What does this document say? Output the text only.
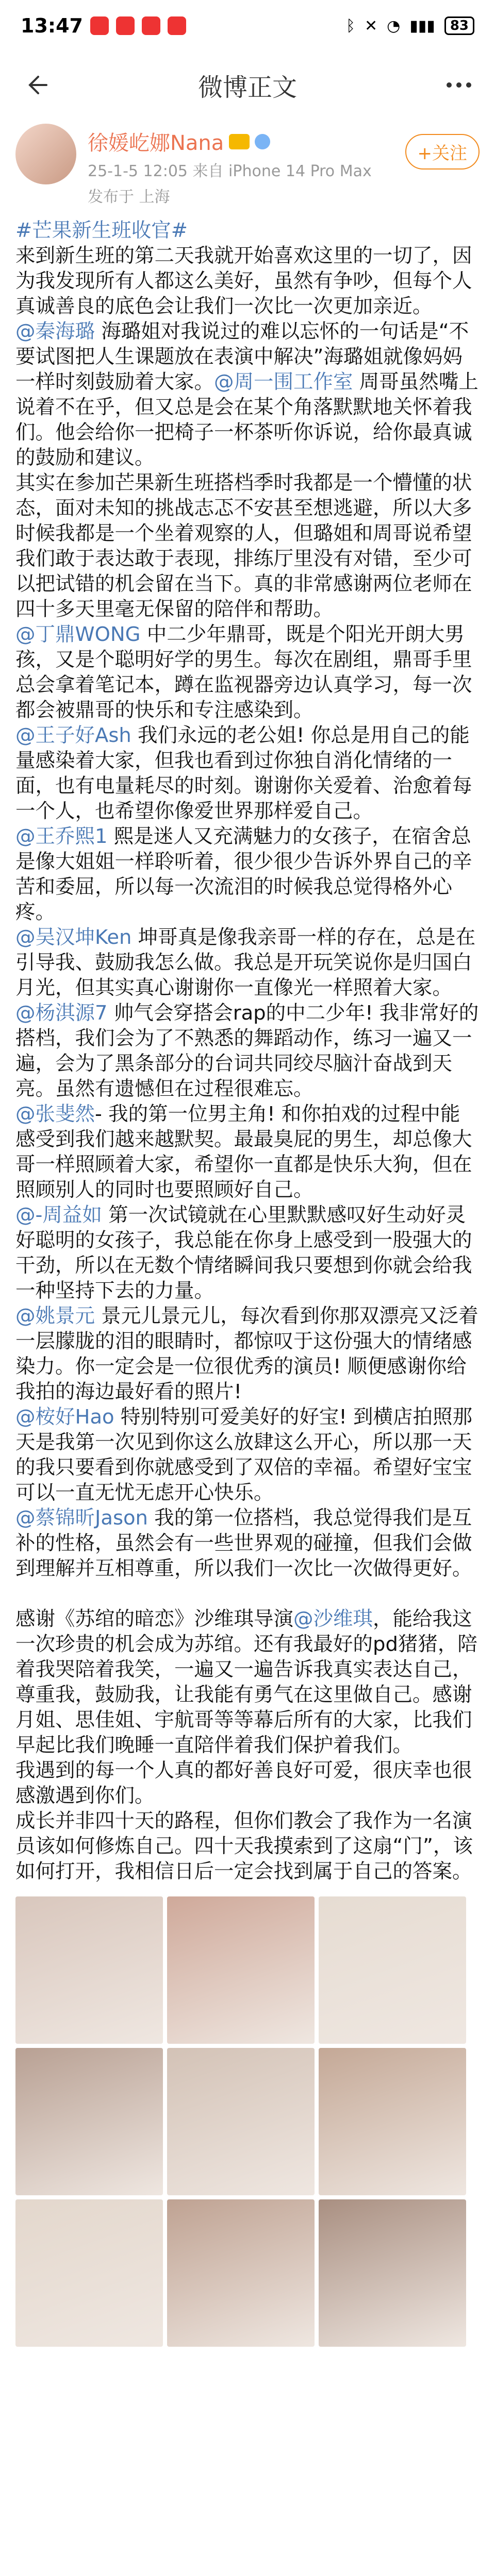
13:47	ᛒ ✕ ◔ ▮▮▮	83
微博正文
徐媛屹娜Nana
25-1-5 12:05 来自 iPhone 14 Pro Max
发布于 上海
+关注

#芒果新生班收官#

来到新生班的第二天我就开始喜欢这里的一切了，因为我发现所有人都这么美好，虽然有争吵，但每个人真诚善良的底色会让我们一次比一次更加亲近。

@秦海璐 海璐姐对我说过的难以忘怀的一句话是“不要试图把人生课题放在表演中解决”海璐姐就像妈妈一样时刻鼓励着大家。@周一围工作室 周哥虽然嘴上说着不在乎，但又总是会在某个角落默默地关怀着我们。他会给你一把椅子一杯茶听你诉说，给你最真诚的鼓励和建议。

其实在参加芒果新生班搭档季时我都是一个懵懂的状态，面对未知的挑战志忑不安甚至想逃避，所以大多时候我都是一个坐着观察的人，但璐姐和周哥说希望我们敢于表达敢于表现，排练厅里没有对错，至少可以把试错的机会留在当下。真的非常感谢两位老师在四十多天里毫无保留的陪伴和帮助。

@丁鼎WONG 中二少年鼎哥，既是个阳光开朗大男孩，又是个聪明好学的男生。每次在剧组，鼎哥手里总会拿着笔记本，蹲在监视器旁边认真学习，每一次都会被鼎哥的快乐和专注感染到。

@王子好Ash 我们永远的老公姐! 你总是用自己的能量感染着大家，但我也看到过你独自消化情绪的一面，也有电量耗尽的时刻。谢谢你关爱着、治愈着每一个人，也希望你像爱世界那样爱自己。

@王乔熙1 熙是迷人又充满魅力的女孩子，在宿舍总是像大姐姐一样聆听着，很少很少告诉外界自己的辛苦和委屈，所以每一次流泪的时候我总觉得格外心疼。

@吴汉坤Ken 坤哥真是像我亲哥一样的存在，总是在引导我、鼓励我怎么做。我总是开玩笑说你是归国白月光，但其实真心谢谢你一直像光一样照着大家。

@杨淇源7 帅气会穿搭会rap的中二少年! 我非常好的搭档，我们会为了不熟悉的舞蹈动作，练习一遍又一遍，会为了黑条部分的台词共同绞尽脑汁奋战到天亮。虽然有遗憾但在过程很难忘。

@张斐然- 我的第一位男主角! 和你拍戏的过程中能感受到我们越来越默契。最最臭屁的男生，却总像大哥一样照顾着大家，希望你一直都是快乐大狗，但在照顾别人的同时也要照顾好自己。

@-周益如 第一次试镜就在心里默默感叹好生动好灵好聪明的女孩子，我总能在你身上感受到一股强大的干劲，所以在无数个情绪瞬间我只要想到你就会给我一种坚持下去的力量。

@姚景元 景元儿景元儿，每次看到你那双漂亮又泛着一层朦胧的泪的眼睛时，都惊叹于这份强大的情绪感染力。你一定会是一位很优秀的演员! 顺便感谢你给我拍的海边最好看的照片!

@桉好Hao 特别特别可爱美好的好宝! 到横店拍照那天是我第一次见到你这么放肆这么开心，所以那一天的我只要看到你就感受到了双倍的幸福。希望好宝宝可以一直无忧无虑开心快乐。

@蔡锦昕Jason 我的第一位搭档，我总觉得我们是互补的性格，虽然会有一些世界观的碰撞，但我们会做到理解并互相尊重，所以我们一次比一次做得更好。

感谢《苏绾的暗恋》沙维琪导演@沙维琪，能给我这一次珍贵的机会成为苏绾。还有我最好的pd猪猪，陪着我哭陪着我笑，一遍又一遍告诉我真实表达自己，尊重我，鼓励我，让我能有勇气在这里做自己。感谢月姐、思佳姐、宇航哥等等幕后所有的大家，比我们早起比我们晚睡一直陪伴着我们保护着我们。

我遇到的每一个人真的都好善良好可爱，很庆幸也很感激遇到你们。

成长并非四十天的路程，但你们教会了我作为一名演员该如何修炼自己。四十天我摸索到了这扇“门”，该如何打开，我相信日后一定会找到属于自己的答案。
